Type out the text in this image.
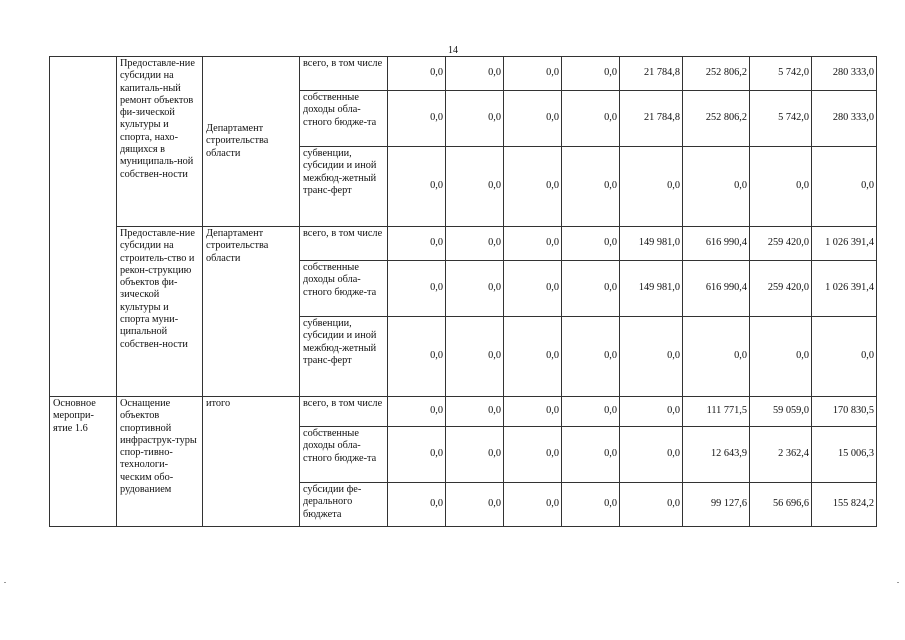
14

	Предоставле-ние субсидии на капиталь-ный ремонт объектов фи-зической культуры и спорта, нахо-дящихся в муниципаль-ной собствен-ности	Департамент строительства области	всего, в том числе	0,0	0,0	0,0	0,0	21 784,8	252 806,2	5 742,0	280 333,0

			собственные доходы обла-стного бюдже-та	0,0	0,0	0,0	0,0	21 784,8	252 806,2	5 742,0	280 333,0

			субвенции, субсидии и иной межбюд-жетный транс-ферт	0,0	0,0	0,0	0,0	0,0	0,0	0,0	0,0

	Предоставле-ние субсидии на строитель-ство и рекон-струкцию объектов фи-зической культуры и спорта муни-ципальной собствен-ности	Департамент строительства области	всего, в том числе	0,0	0,0	0,0	0,0	149 981,0	616 990,4	259 420,0	1 026 391,4

			собственные доходы обла-стного бюдже-та	0,0	0,0	0,0	0,0	149 981,0	616 990,4	259 420,0	1 026 391,4

			субвенции, субсидии и иной межбюд-жетный транс-ферт	0,0	0,0	0,0	0,0	0,0	0,0	0,0	0,0

Основное меропри-ятие 1.6	Оснащение объектов спортивной инфраструк-туры спор-тивно-технологи-ческим обо-рудованием	итого	всего, в том числе	0,0	0,0	0,0	0,0	0,0	111 771,5	59 059,0	170 830,5

			собственные доходы обла-стного бюдже-та	0,0	0,0	0,0	0,0	0,0	12 643,9	2 362,4	15 006,3

			субсидии фе-дерального бюджета	0,0	0,0	0,0	0,0	0,0	99 127,6	56 696,6	155 824,2
